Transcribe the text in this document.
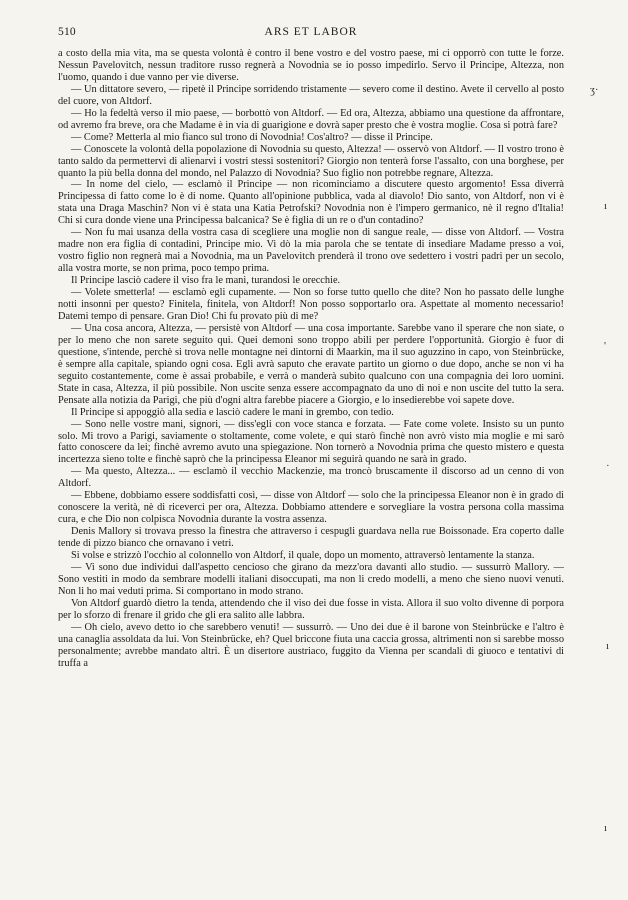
510	ARS ET LABOR

a costo della mia vita, ma se questa volontà è contro il bene vostro e del vostro paese, mi ci opporrò con tutte le forze. Nessun Pavelovitch, nessun traditore russo regnerà a Novodnia se io posso impedirlo. Servo il Principe, Altezza, non l'uomo, quando i due vanno per vie diverse.

— Un dittatore severo, — ripetè il Principe sorridendo tristamente — severo come il destino. Avete il cervello al posto del cuore, von Altdorf.

— Ho la fedeltà verso il mio paese, — borbottò von Altdorf. — Ed ora, Altezza, abbiamo una questione da affrontare, od avremo fra breve, ora che Madame è in via di guarigione e dovrà saper presto che è vostra moglie. Cosa si potrà fare?

— Come? Metterla al mio fianco sul trono di Novodnia! Cos'altro? — disse il Principe.

— Conoscete la volontà della popolazione di Novodnia su questo, Altezza! — osservò von Altdorf. — Il vostro trono è tanto saldo da permettervi di alienarvi i vostri stessi sostenitori? Giorgio non tenterà forse l'assalto, con una borghese, per quanto la più bella donna del mondo, nel Palazzo di Novodnia? Suo figlio non potrebbe regnare, Altezza.

— In nome del cielo, — esclamò il Principe — non ricominciamo a discutere questo argomento! Essa diverrà Principessa di fatto come lo è di nome. Quanto all'opinione pubblica, vada al diavolo! Dio santo, von Altdorf, non vi è stata una Draga Maschin? Non vi è stata una Katia Petrofski? Novodnia non è l'impero germanico, nè il regno d'Italia! Chi si cura donde viene una Principessa balcanica? Se è figlia di un re o d'un contadino?

— Non fu mai usanza della vostra casa di scegliere una moglie non di sangue reale, — disse von Altdorf. — Vostra madre non era figlia di contadini, Principe mio. Vi dò la mia parola che se tentate di insediare Madame presso a voi, vostro figlio non regnerà mai a Novodnia, ma un Pavelovitch prenderà il trono ove sedettero i vostri padri per un secolo, alla vostra morte, se non prima, poco tempo prima.

Il Principe lasciò cadere il viso fra le mani, turandosi le orecchie.

— Volete smetterla! — esclamò egli cupamente. — Non so forse tutto quello che dite? Non ho passato delle lunghe notti insonni per questo? Finitela, finitela, von Altdorf! Non posso sopportarlo ora. Aspettate al momento necessario! Datemi tempo di pensare. Gran Dio! Chi fu provato più di me?

— Una cosa ancora, Altezza, — persistè von Altdorf — una cosa importante. Sarebbe vano il sperare che non siate, o per lo meno che non sarete seguito qui. Quei demoni sono troppo abili per perdere l'opportunità. Giorgio è fuor di questione, s'intende, perchè si trova nelle montagne nei dintorni di Maarkin, ma il suo aguzzino in capo, von Steinbrücke, è sempre alla capitale, spiando ogni cosa. Egli avrà saputo che eravate partito un giorno o due dopo, anche se non vi ha seguito costantemente, come è assai probabile, e verrà o manderà subito qualcuno con una compagnia dei loro uomini. State in casa, Altezza, il più possibile. Non uscite senza essere accompagnato da uno di noi e non uscite del tutto la sera. Pensate alla notizia da Parigi, che più d'ogni altra farebbe piacere a Giorgio, e lo insedierebbe voi sapete dove.

Il Principe si appoggiò alla sedia e lasciò cadere le mani in grembo, con tedio.

— Sono nelle vostre mani, signori, — diss'egli con voce stanca e forzata. — Fate come volete. Insisto su un punto solo. Mi trovo a Parigi, saviamente o stoltamente, come volete, e qui starò finchè non avrò visto mia moglie e mi sarò fatto conoscere da lei; finchè avremo avuto una spiegazione. Non tornerò a Novodnia prima che questo mistero e questa incertezza sieno tolte e finchè saprò che la principessa Eleanor mi seguirà quando ne sarà in grado.

— Ma questo, Altezza... — esclamò il vecchio Mackenzie, ma troncò bruscamente il discorso ad un cenno di von Altdorf.

— Ebbene, dobbiamo essere soddisfatti così, — disse von Altdorf — solo che la principessa Eleanor non è in grado di conoscere la verità, nè di riceverci per ora, Altezza. Dobbiamo attendere e sorvegliare la vostra persona colla massima cura, e che Dio non colpisca Novodnia durante la vostra assenza.

Denis Mallory si trovava presso la finestra che attraverso i cespugli guardava nella rue Boissonade. Era coperto dalle tende di pizzo bianco che ornavano i vetri.

Si volse e strizzò l'occhio al colonnello von Altdorf, il quale, dopo un momento, attraversò lentamente la stanza.

— Vi sono due individui dall'aspetto cencioso che girano da mezz'ora davanti allo studio. — sussurrò Mallory. — Sono vestiti in modo da sembrare modelli italiani disoccupati, ma non li credo modelli, a meno che sieno nuovi venuti. Non li ho mai veduti prima. Si comportano in modo strano.

Von Altdorf guardò dietro la tenda, attendendo che il viso dei due fosse in vista. Allora il suo volto divenne di porpora per lo sforzo di frenare il grido che gli era salito alle labbra.

— Oh cielo, avevo detto io che sarebbero venuti! — sussurrò. — Uno dei due è il barone von Steinbrücke e l'altro è una canaglia assoldata da lui. Von Steinbrücke, eh? Quel briccone fiuta una caccia grossa, altrimenti non si sarebbe mosso personalmente; avrebbe mandato altri. È un disertore austriaco, fuggito da Vienna per scandali di giuoco e tentativi di truffa a

ʒ·
ı
'
·
ı
ı
